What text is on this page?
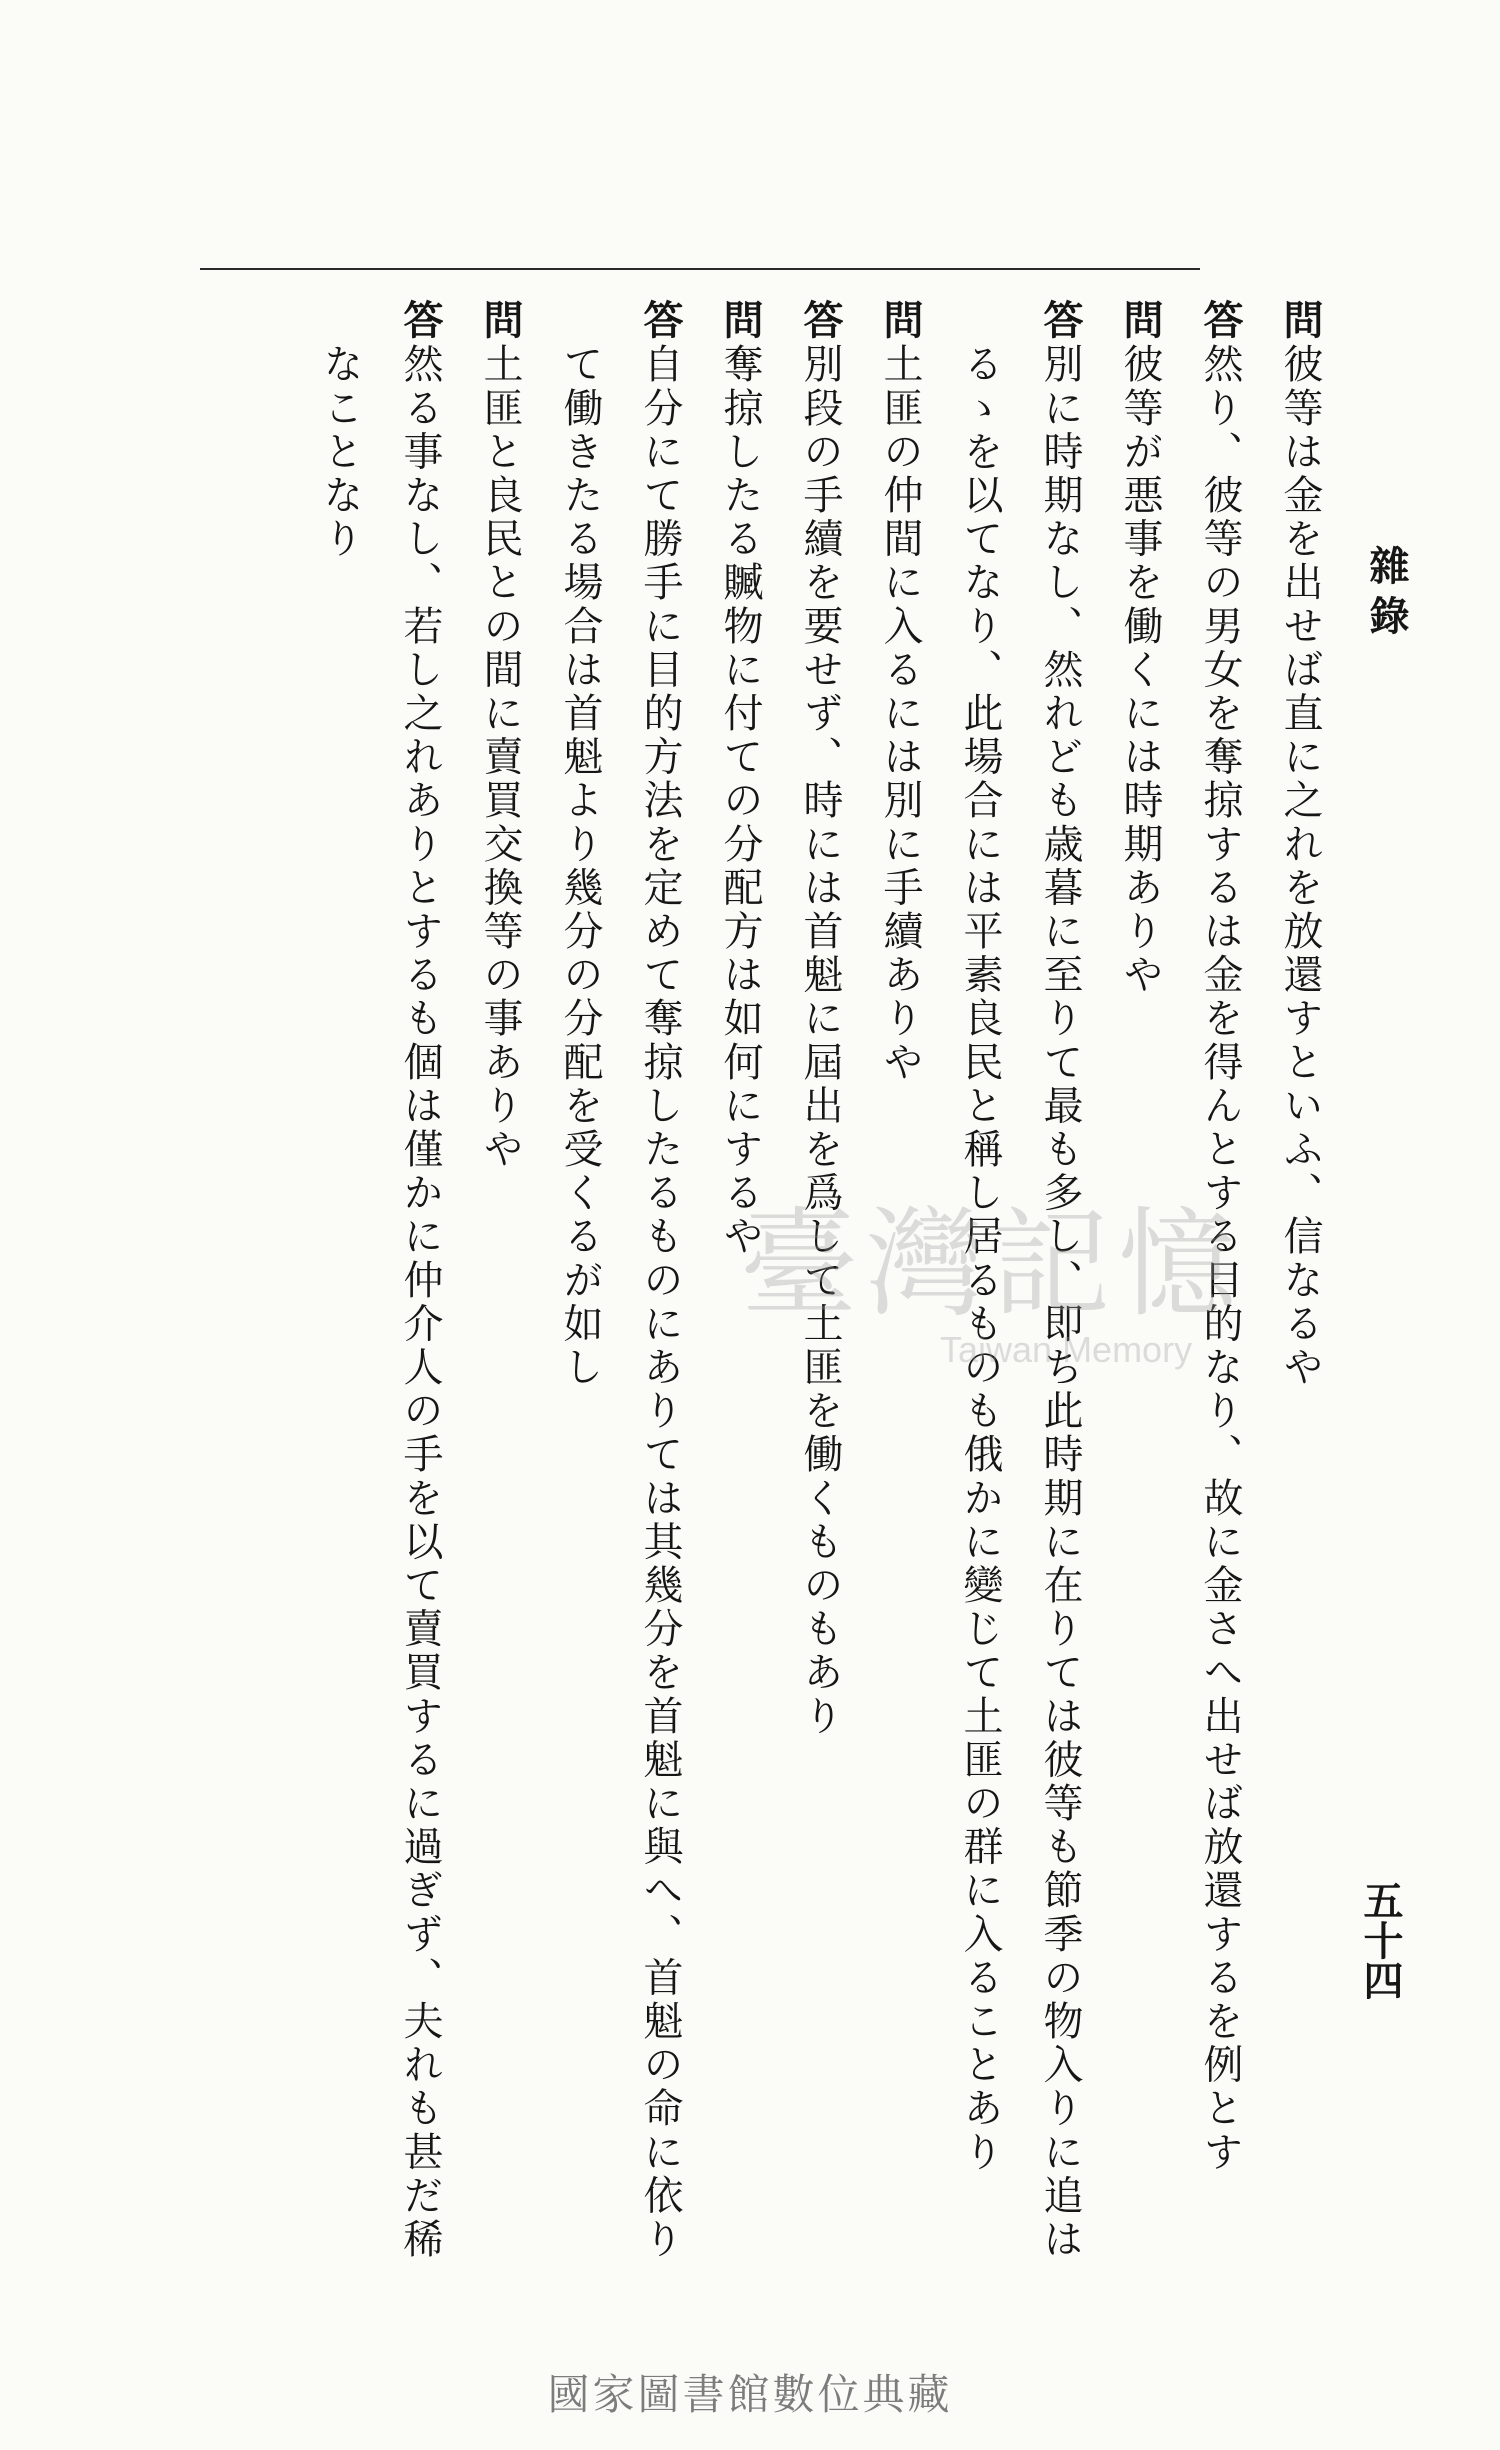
雜錄
五十四
問
彼等は金を出せば直に之れを放還すといふ、信なるや
答
然り、彼等の男女を奪掠するは金を得んとする目的なり、故に金さへ出せば放還するを例とす
問
彼等が悪事を働くには時期ありや
答
別に時期なし、然れども歳暮に至りて最も多し、即ち此時期に在りては彼等も節季の物入りに追はるゝを以てなり、此場合には平素良民と稱し居るものも俄かに變じて土匪の群に入ることあり
問
土匪の仲間に入るには別に手續ありや
答
別段の手續を要せず、時には首魁に屆出を爲して土匪を働くものもあり
問
奪掠したる贓物に付ての分配方は如何にするや
答
自分にて勝手に目的方法を定めて奪掠したるものにありては其幾分を首魁に與へ、首魁の命に依りて働きたる場合は首魁より幾分の分配を受くるが如し
問
土匪と良民との間に賣買交換等の事ありや
答
然る事なし、若し之れありとするも個は僅かに仲介人の手を以て賣買するに過ぎず、夫れも甚だ稀なことなり
臺灣記憶
Taiwan Memory
國家圖書館數位典藏
